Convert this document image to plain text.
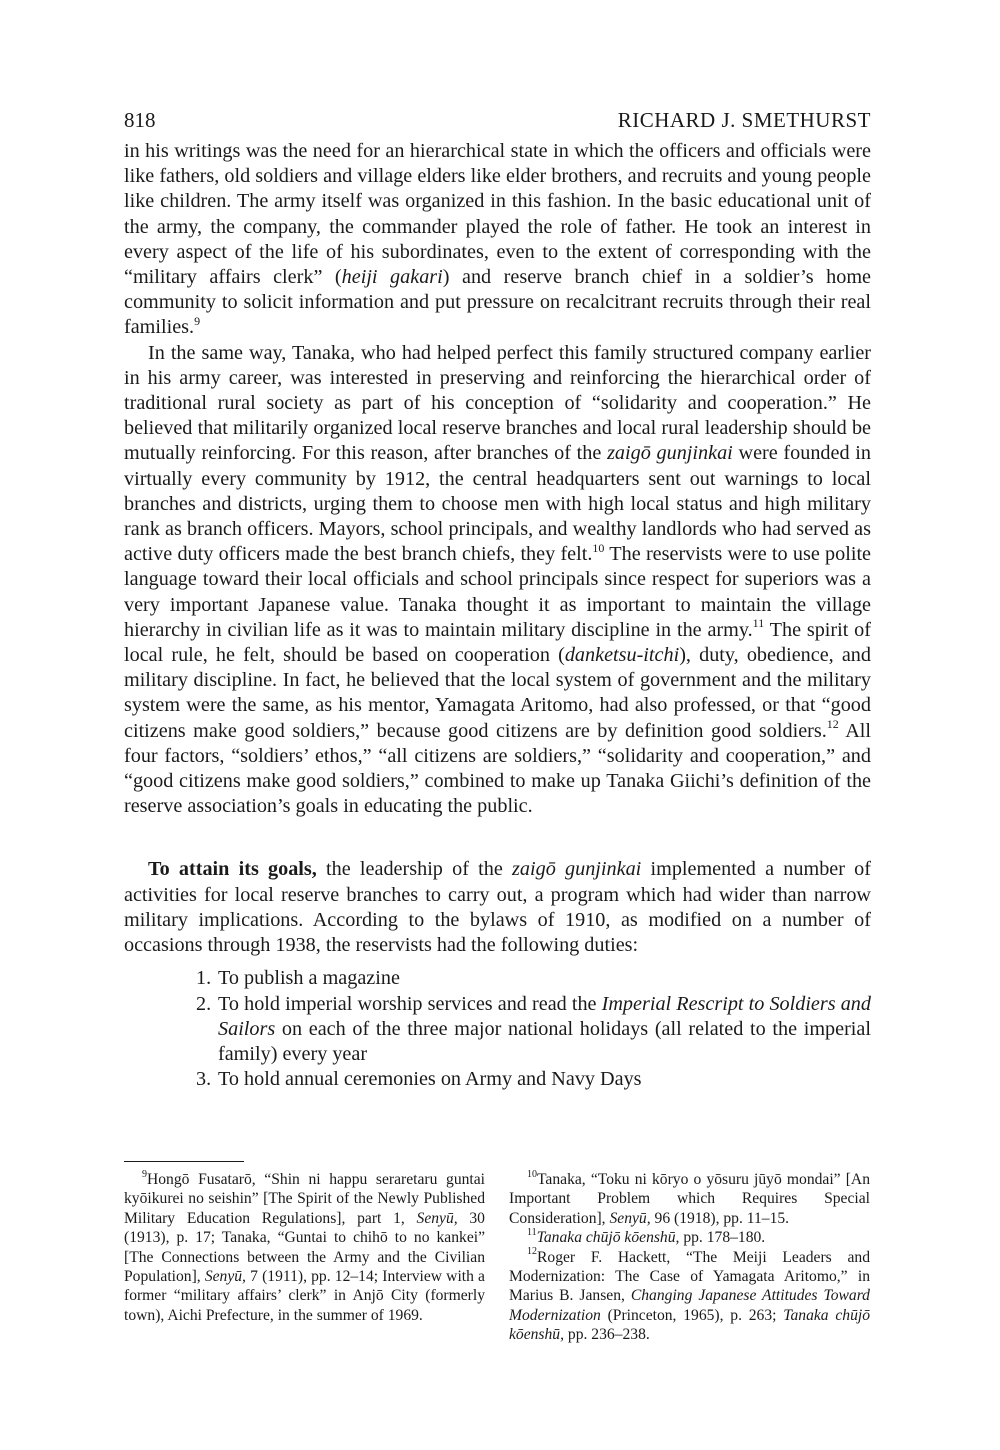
818	RICHARD J. SMETHURST

in his writings was the need for an hierarchical state in which the officers and officials were like fathers, old soldiers and village elders like elder brothers, and recruits and young people like children. The army itself was organized in this fashion. In the basic educational unit of the army, the company, the commander played the role of father. He took an interest in every aspect of the life of his subordinates, even to the extent of corresponding with the “military affairs clerk” (heiji gakari) and reserve branch chief in a soldier’s home community to solicit information and put pressure on recalcitrant recruits through their real families.$^9$

In the same way, Tanaka, who had helped perfect this family structured company earlier in his army career, was interested in preserving and reinforcing the hierarchical order of traditional rural society as part of his conception of “solidarity and cooperation.” He believed that militarily organized local reserve branches and local rural leadership should be mutually reinforcing. For this reason, after branches of the zaigō gunjinkai were founded in virtually every community by 1912, the central headquarters sent out warnings to local branches and districts, urging them to choose men with high local status and high military rank as branch officers. Mayors, school principals, and wealthy landlords who had served as active duty officers made the best branch chiefs, they felt.$^{10}$ The reservists were to use polite language toward their local officials and school principals since respect for superiors was a very important Japanese value. Tanaka thought it as important to maintain the village hierarchy in civilian life as it was to maintain military discipline in the army.$^{11}$ The spirit of local rule, he felt, should be based on cooperation (danketsu-itchi), duty, obedience, and military discipline. In fact, he believed that the local system of government and the military system were the same, as his mentor, Yamagata Aritomo, had also professed, or that “good citizens make good soldiers,” because good citizens are by definition good soldiers.$^{12}$ All four factors, “soldiers’ ethos,” “all citizens are soldiers,” “solidarity and cooperation,” and “good citizens make good soldiers,” combined to make up Tanaka Giichi’s definition of the reserve association’s goals in educating the public.

To attain its goals, the leadership of the zaigō gunjinkai implemented a number of activities for local reserve branches to carry out, a program which had wider than narrow military implications. According to the bylaws of 1910, as modified on a number of occasions through 1938, the reservists had the following duties:

1. To publish a magazine
2. To hold imperial worship services and read the Imperial Rescript to Soldiers and Sailors on each of the three major national holidays (all related to the imperial family) every year
3. To hold annual ceremonies on Army and Navy Days

$^9$Hongō Fusatarō, “Shin ni happu seraretaru guntai kyōikurei no seishin” [The Spirit of the Newly Published Military Education Regulations], part 1, Senyū, 30 (1913), p. 17; Tanaka, “Guntai to chihō to no kankei” [The Connections between the Army and the Civilian Population], Senyū, 7 (1911), pp. 12–14; Interview with a former “military affairs’ clerk” in Anjō City (formerly town), Aichi Prefecture, in the summer of 1969.

$^{10}$Tanaka, “Toku ni kōryo o yōsuru jūyō mondai” [An Important Problem which Requires Special Consideration], Senyū, 96 (1918), pp. 11–15.

$^{11}$Tanaka chūjō kōenshū, pp. 178–180.

$^{12}$Roger F. Hackett, “The Meiji Leaders and Modernization: The Case of Yamagata Aritomo,” in Marius B. Jansen, Changing Japanese Attitudes Toward Modernization (Princeton, 1965), p. 263; Tanaka chūjō kōenshū, pp. 236–238.
